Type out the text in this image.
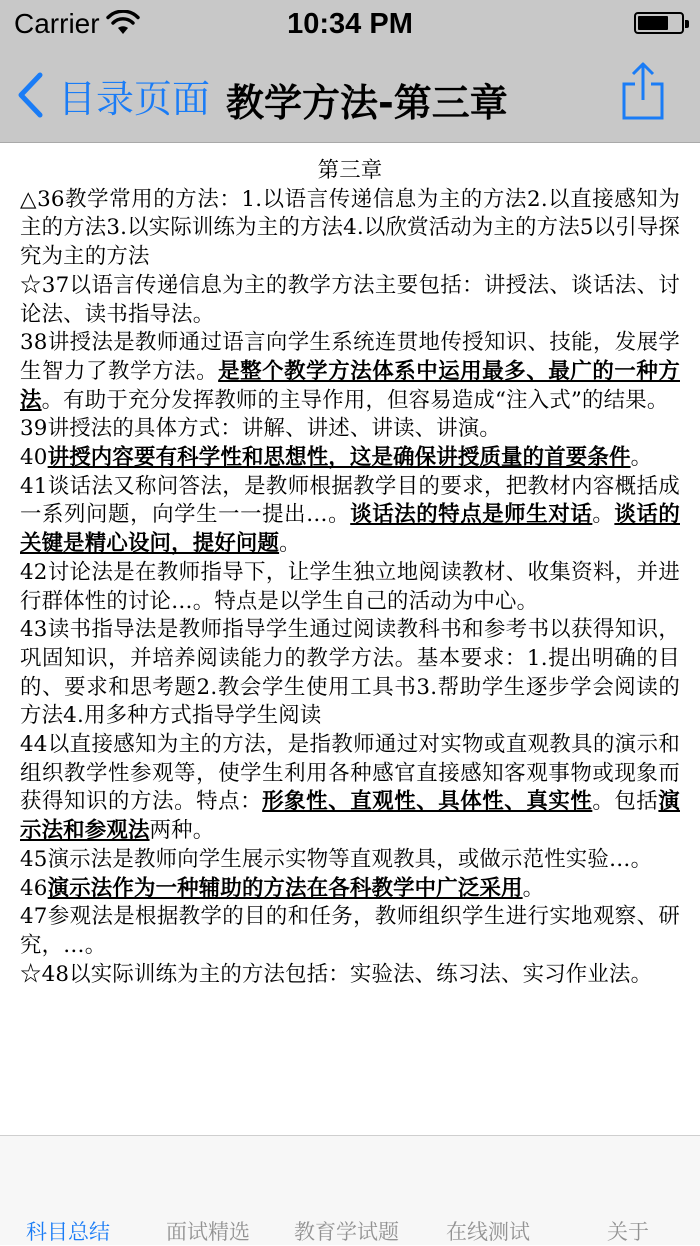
Carrier	10:34 PM
目录页面 教学方法-第三章
第三章

△36教学常用的方法：1.以语言传递信息为主的方法2.以直接感知为主的方法3.以实际训练为主的方法4.以欣赏活动为主的方法5以引导探究为主的方法

☆37以语言传递信息为主的教学方法主要包括：讲授法、谈话法、讨论法、读书指导法。

38讲授法是教师通过语言向学生系统连贯地传授知识、技能，发展学生智力了教学方法。是整个教学方法体系中运用最多、最广的一种方法。有助于充分发挥教师的主导作用，但容易造成“注入式”的结果。

39讲授法的具体方式：讲解、讲述、讲读、讲演。

40讲授内容要有科学性和思想性，这是确保讲授质量的首要条件。

41谈话法又称问答法，是教师根据教学目的要求，把教材内容概括成一系列问题，向学生一一提出…。谈话法的特点是师生对话。谈话的关键是精心设问，提好问题。

42讨论法是在教师指导下，让学生独立地阅读教材、收集资料，并进行群体性的讨论…。特点是以学生自己的活动为中心。

43读书指导法是教师指导学生通过阅读教科书和参考书以获得知识，巩固知识，并培养阅读能力的教学方法。基本要求：1.提出明确的目的、要求和思考题2.教会学生使用工具书3.帮助学生逐步学会阅读的方法4.用多种方式指导学生阅读

44以直接感知为主的方法，是指教师通过对实物或直观教具的演示和组织教学性参观等，使学生利用各种感官直接感知客观事物或现象而获得知识的方法。特点：形象性、直观性、具体性、真实性。包括演示法和参观法两种。

45演示法是教师向学生展示实物等直观教具，或做示范性实验…。

46演示法作为一种辅助的方法在各科教学中广泛采用。

47参观法是根据教学的目的和任务，教师组织学生进行实地观察、研究，…。

☆48以实际训练为主的方法包括：实验法、练习法、实习作业法。

科目总结	面试精选 教育学试题 在线测试	关于
